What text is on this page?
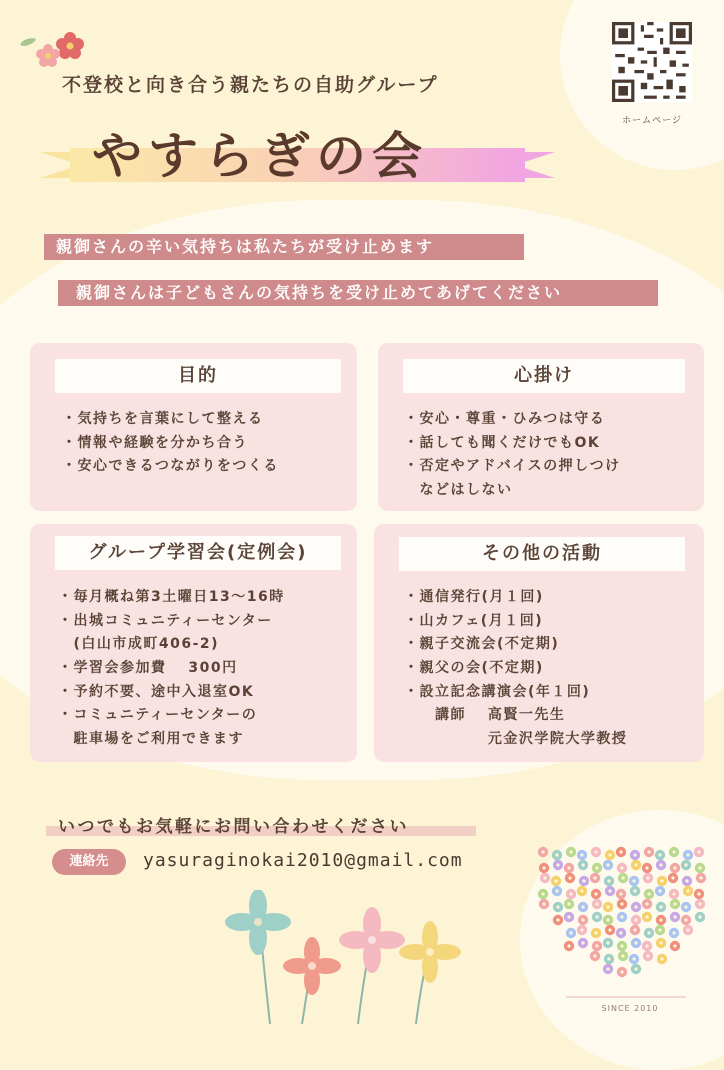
ホームページ
不登校と向き合う親たちの自助グループ
やすらぎの会
親御さんの辛い気持ちは私たちが受け止めます
親御さんは子どもさんの気持ちを受け止めてあげてください
目的
・気持ちを言葉にして整える
・情報や経験を分かち合う
・安心できるつながりをつくる
心掛け
・安心・尊重・ひみつは守る
・話しても聞くだけでもOK
・否定やアドバイスの押しつけ
　などはしない
グループ学習会(定例会)
・毎月概ね第3土曜日13～16時
・出城コミュニティーセンター
　(白山市成町406-2)
・学習会参加費　 300円
・予約不要、途中入退室OK
・コミュニティーセンターの
　駐車場をご利用できます
その他の活動
・通信発行(月１回)
・山カフェ(月１回)
・親子交流会(不定期)
・親父の会(不定期)
・設立記念講演会(年１回)
　　講師　 高賢一先生
　　　　　 元金沢学院大学教授
いつでもお気軽にお問い合わせください
連絡先	yasuraginokai2010@gmail.com
SINCE 2010
